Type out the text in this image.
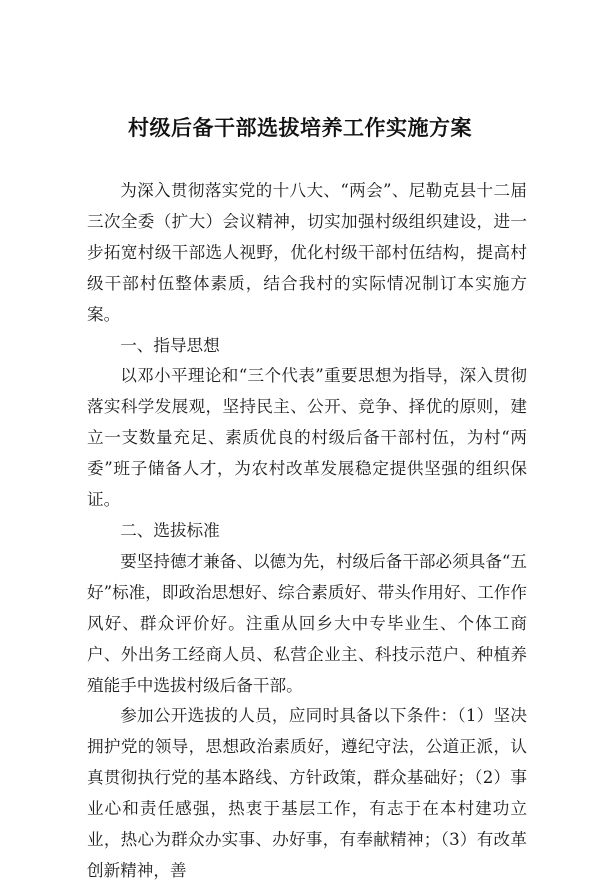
村级后备干部选拔培养工作实施方案

为深入贯彻落实党的十八大、“两会”、尼勒克县十二届三次全委（扩大）会议精神，切实加强村级组织建设，进一步拓宽村级干部选人视野，优化村级干部村伍结构，提高村级干部村伍整体素质，结合我村的实际情况制订本实施方案。

一、指导思想

以邓小平理论和“三个代表”重要思想为指导，深入贯彻落实科学发展观，坚持民主、公开、竞争、择优的原则，建立一支数量充足、素质优良的村级后备干部村伍，为村“两委”班子储备人才，为农村改革发展稳定提供坚强的组织保证。

二、选拔标准

要坚持德才兼备、以德为先，村级后备干部必须具备“五好”标准，即政治思想好、综合素质好、带头作用好、工作作风好、群众评价好。注重从回乡大中专毕业生、个体工商户、外出务工经商人员、私营企业主、科技示范户、种植养殖能手中选拔村级后备干部。

参加公开选拔的人员，应同时具备以下条件：（1）坚决拥护党的领导，思想政治素质好，遵纪守法，公道正派，认真贯彻执行党的基本路线、方针政策，群众基础好；（2）事业心和责任感强，热衷于基层工作，有志于在本村建功立业，热心为群众办实事、办好事，有奉献精神；（3）有改革创新精神，善
